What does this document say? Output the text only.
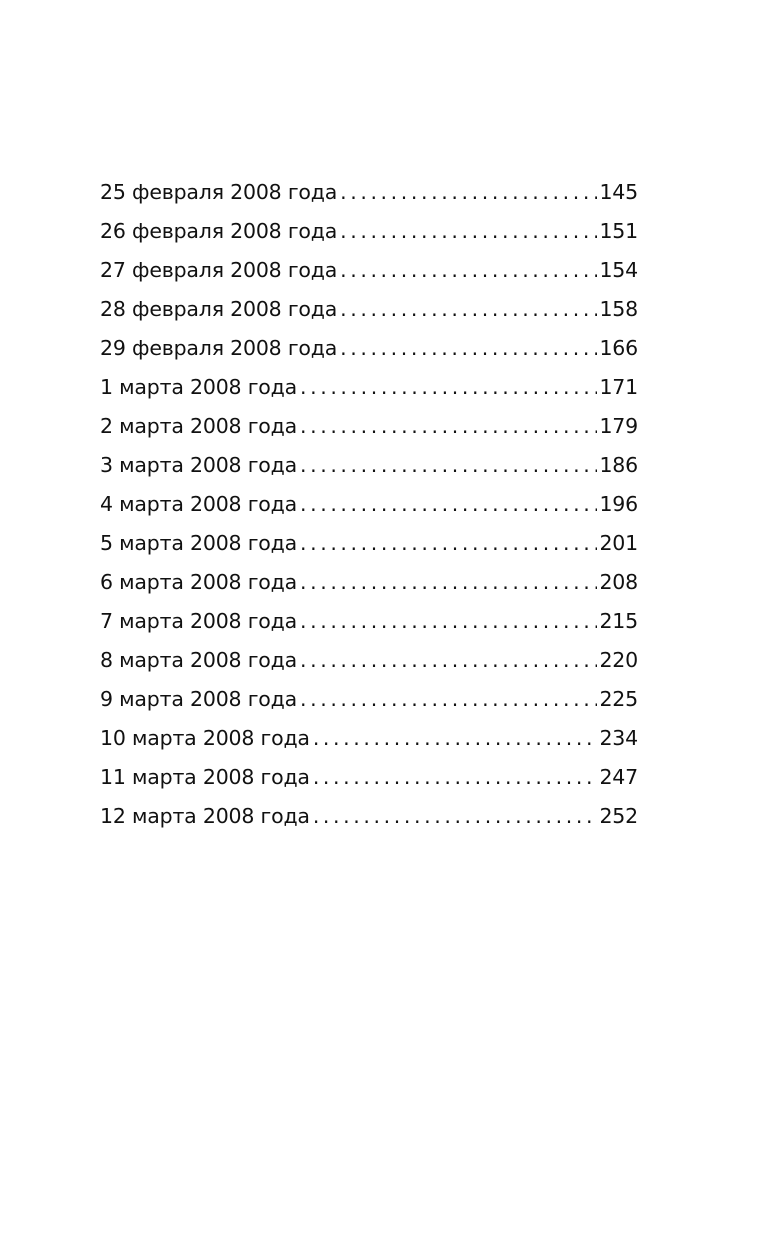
25 февраля 2008 года .....	145
26 февраля 2008 года .....	151
27 февраля 2008 года .....	154
28 февраля 2008 года .....	158
29 февраля 2008 года .....	166
1 марта 2008 года .....	171
2 марта 2008 года .....	179
3 марта 2008 года .....	186
4 марта 2008 года .....	196
5 марта 2008 года .....	201
6 марта 2008 года .....	208
7 марта 2008 года .....	215
8 марта 2008 года .....	220
9 марта 2008 года .....	225
10 марта 2008 года .....	234
11 марта 2008 года .....	247
12 марта 2008 года .....	252
